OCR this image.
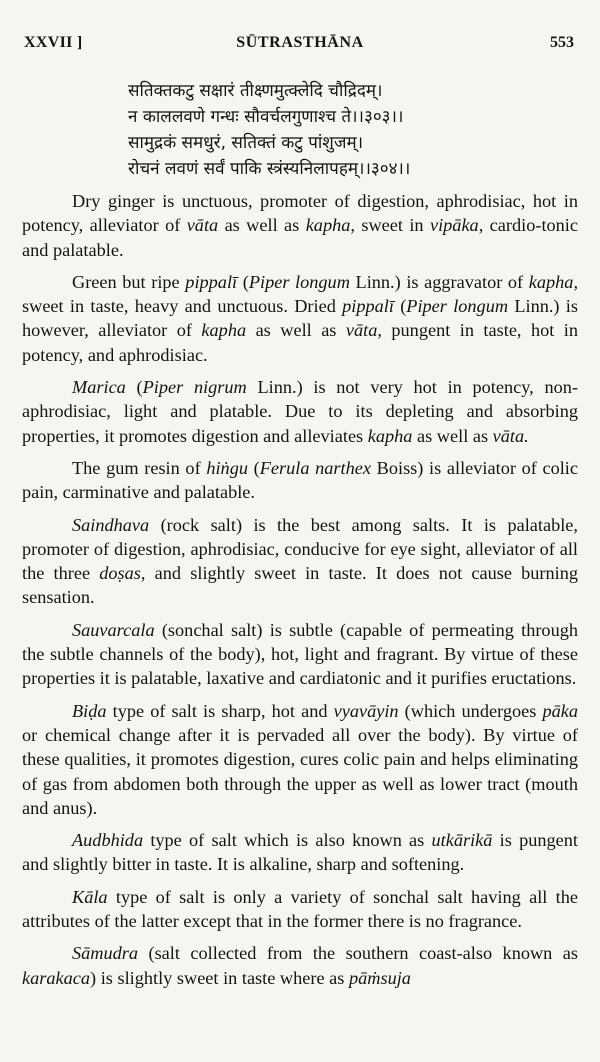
XXVII ]	SŪTRASTHĀNA	553
सतिक्तकटु सक्षारं तीक्ष्णमुत्क्लेदि चौद्रिदम्।
न काललवणे गन्धः सौवर्चलगुणाश्च ते।।३०३।।
सामुद्रकं समधुरं, सतिक्तं कटु पांशुजम्।
रोचनं लवणं सर्वं पाकि स्त्रंस्यनिलापहम्।।३०४।।

Dry ginger is unctuous, promoter of digestion, aphrodisiac, hot in potency, alleviator of vāta as well as kapha, sweet in vipāka, cardio-tonic and palatable.

Green but ripe pippalī (Piper longum Linn.) is aggravator of kapha, sweet in taste, heavy and unctuous. Dried pippalī (Piper longum Linn.) is however, alleviator of kapha as well as vāta, pungent in taste, hot in potency, and aphrodisiac.

Marica (Piper nigrum Linn.) is not very hot in potency, non-aphrodisiac, light and platable. Due to its depleting and absorbing properties, it promotes digestion and alleviates kapha as well as vāta.

The gum resin of hiṅgu (Ferula narthex Boiss) is alleviator of colic pain, carminative and palatable.

Saindhava (rock salt) is the best among salts. It is palatable, promoter of digestion, aphrodisiac, conducive for eye sight, alleviator of all the three doṣas, and slightly sweet in taste. It does not cause burning sensation.

Sauvarcala (sonchal salt) is subtle (capable of permeating through the subtle channels of the body), hot, light and fragrant. By virtue of these properties it is palatable, laxative and cardiatonic and it purifies eructations.

Biḍa type of salt is sharp, hot and vyavāyin (which undergoes pāka or chemical change after it is pervaded all over the body). By virtue of these qualities, it promotes digestion, cures colic pain and helps eliminating of gas from abdomen both through the upper as well as lower tract (mouth and anus).

Audbhida type of salt which is also known as utkārikā is pungent and slightly bitter in taste. It is alkaline, sharp and softening.

Kāla type of salt is only a variety of sonchal salt having all the attributes of the latter except that in the former there is no fragrance.

Sāmudra (salt collected from the southern coast-also known as karakaca) is slightly sweet in taste where as pāṁsuja
